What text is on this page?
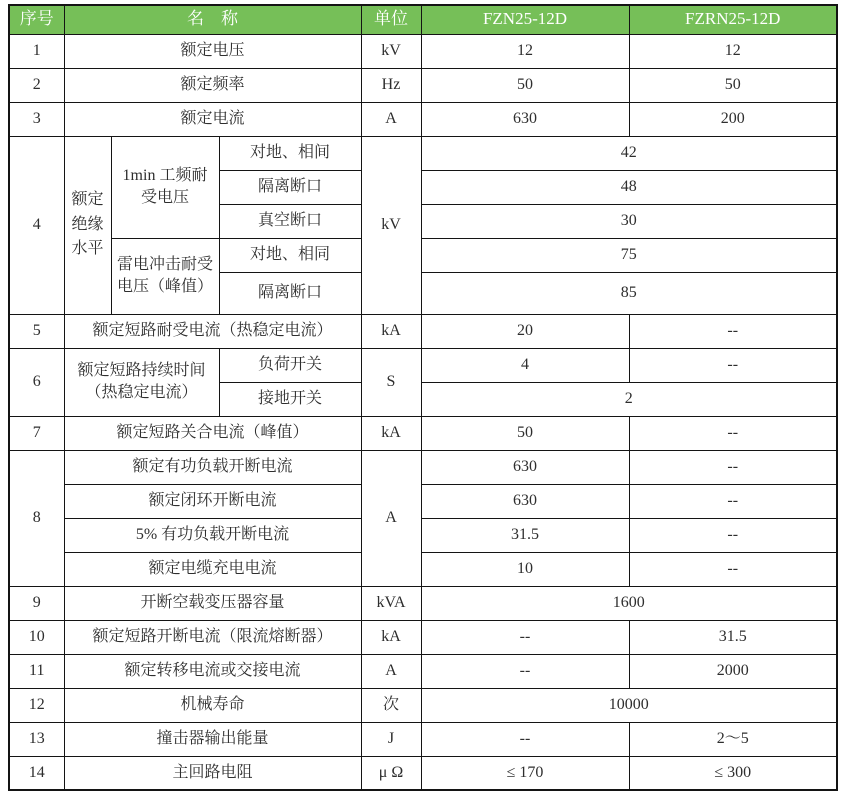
序号	名　称			单位	FZN25-12D	FZRN25-12D
1	额定电压			kV	12	12
2	额定频率			Hz	50	50
3	额定电流			A	630	200
4	额定绝缘水平	1min 工频耐受电压	对地、相间	kV	42	
			隔离断口		48	
			真空断口		30	
		雷电冲击耐受电压（峰值）	对地、相同		75	
			隔离断口		85	
5	额定短路耐受电流（热稳定电流）			kA	20	--
6	额定短路持续时间（热稳定电流）		负荷开关	S	4	--
			接地开关		2	
7	额定短路关合电流（峰值）			kA	50	--
8	额定有功负载开断电流			A	630	--
	额定闭环开断电流				630	--
	5% 有功负载开断电流				31.5	--
	额定电缆充电电流				10	--
9	开断空载变压器容量			kVA	1600	
10	额定短路开断电流（限流熔断器）			kA	--	31.5
11	额定转移电流或交接电流			A	--	2000
12	机械寿命			次	10000	
13	撞击器输出能量			J	--	2～5
14	主回路电阻			μ Ω	≤ 170	≤ 300
